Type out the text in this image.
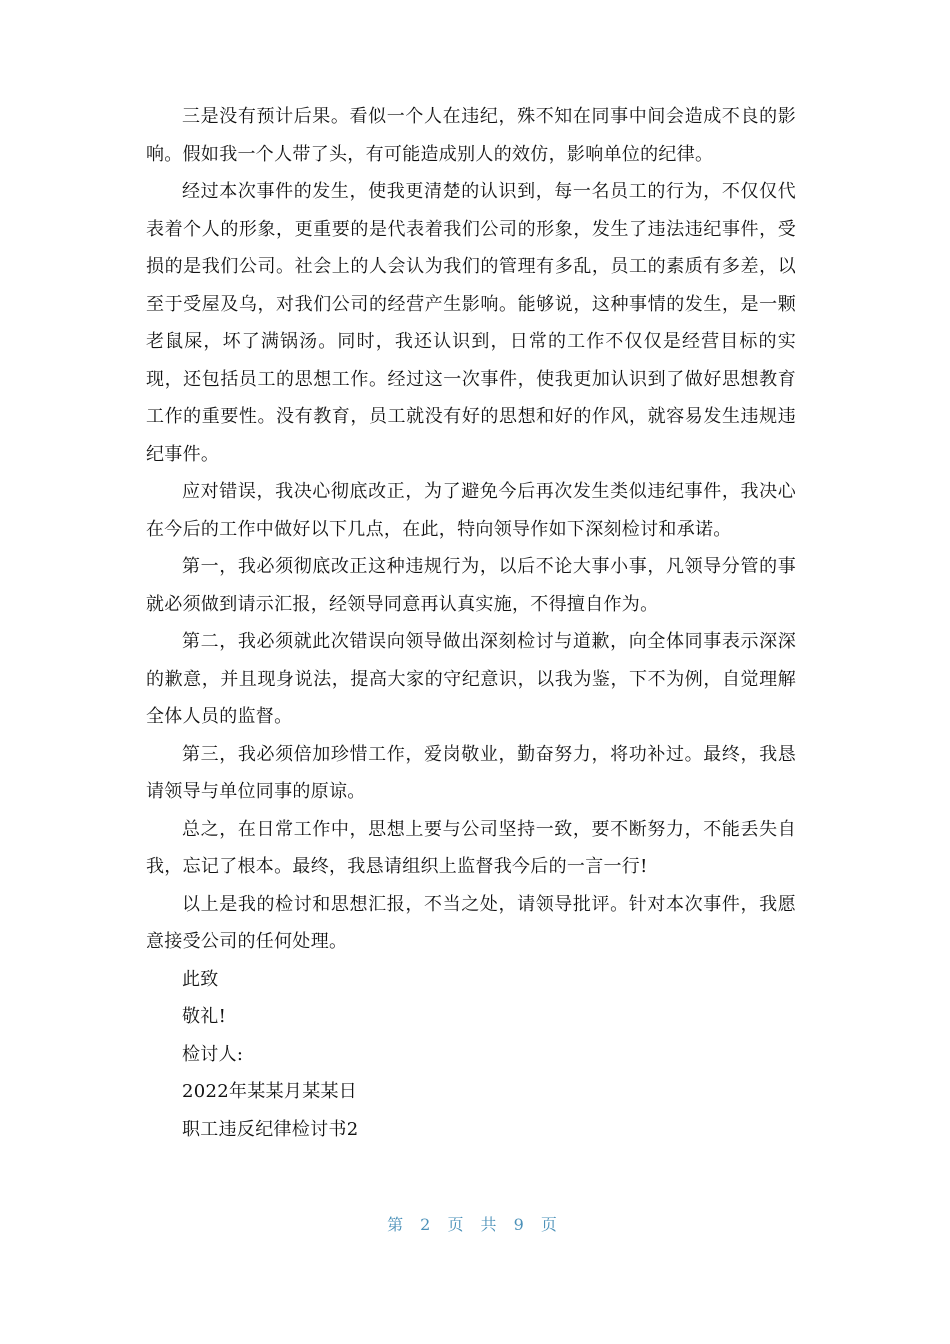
三是没有预计后果。看似一个人在违纪，殊不知在同事中间会造成不良的影响。假如我一个人带了头，有可能造成别人的效仿，影响单位的纪律。

经过本次事件的发生，使我更清楚的认识到，每一名员工的行为，不仅仅代表着个人的形象，更重要的是代表着我们公司的形象，发生了违法违纪事件，受损的是我们公司。社会上的人会认为我们的管理有多乱，员工的素质有多差，以至于受屋及乌，对我们公司的经营产生影响。能够说，这种事情的发生，是一颗老鼠屎，坏了满锅汤。同时，我还认识到，日常的工作不仅仅是经营目标的实现，还包括员工的思想工作。经过这一次事件，使我更加认识到了做好思想教育工作的重要性。没有教育，员工就没有好的思想和好的作风，就容易发生违规违纪事件。

应对错误，我决心彻底改正，为了避免今后再次发生类似违纪事件，我决心在今后的工作中做好以下几点，在此，特向领导作如下深刻检讨和承诺。

第一，我必须彻底改正这种违规行为，以后不论大事小事，凡领导分管的事就必须做到请示汇报，经领导同意再认真实施，不得擅自作为。

第二，我必须就此次错误向领导做出深刻检讨与道歉，向全体同事表示深深的歉意，并且现身说法，提高大家的守纪意识，以我为鉴，下不为例，自觉理解全体人员的监督。

第三，我必须倍加珍惜工作，爱岗敬业，勤奋努力，将功补过。最终，我恳请领导与单位同事的原谅。

总之，在日常工作中，思想上要与公司坚持一致，要不断努力，不能丢失自我，忘记了根本。最终，我恳请组织上监督我今后的一言一行!

以上是我的检讨和思想汇报，不当之处，请领导批评。针对本次事件，我愿意接受公司的任何处理。

此致

敬礼!

检讨人:

2022年某某月某某日

职工违反纪律检讨书2

第 2 页 共 9 页
